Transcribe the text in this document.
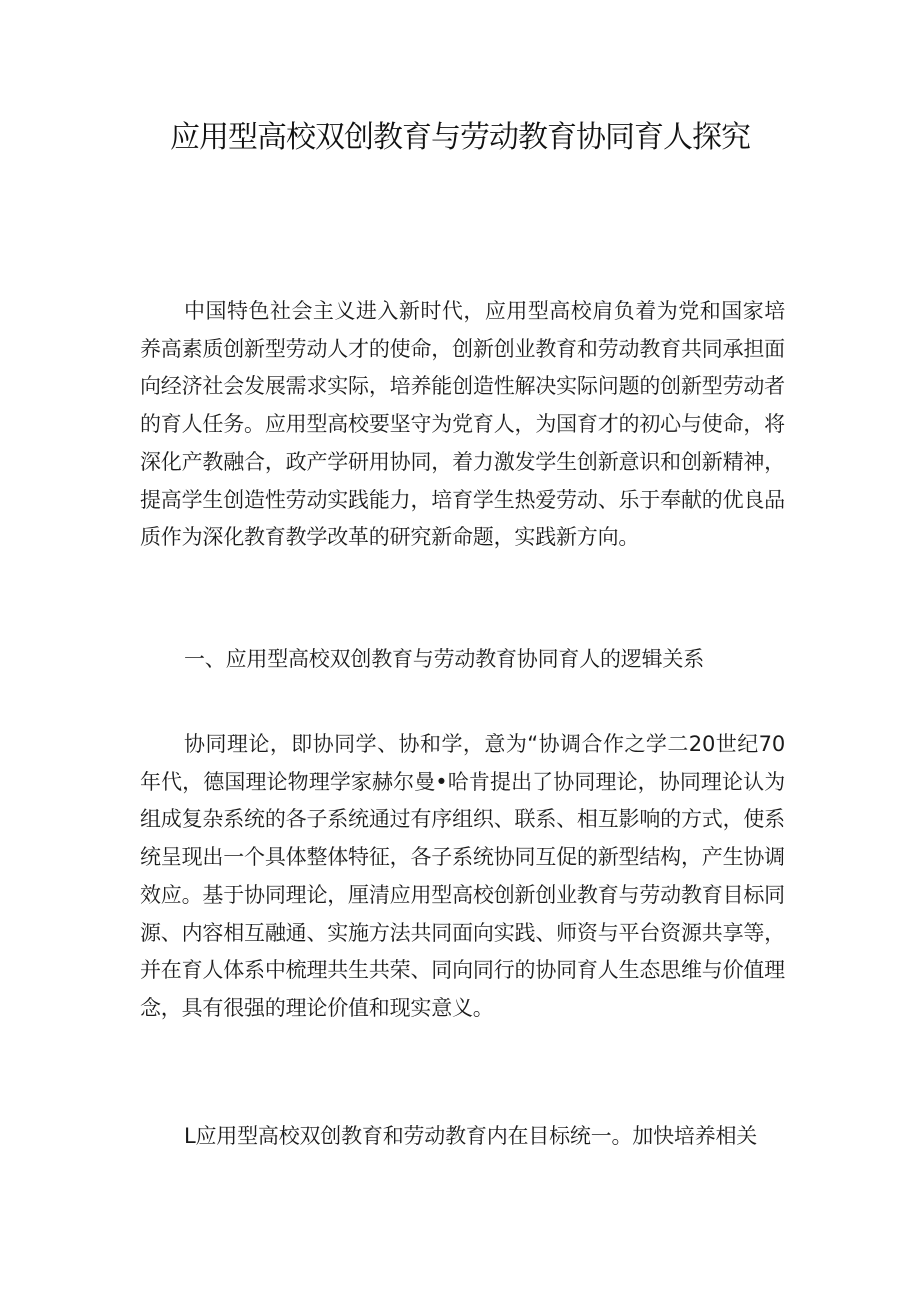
应用型高校双创教育与劳动教育协同育人探究

中国特色社会主义进入新时代，应用型高校肩负着为党和国家培养高素质创新型劳动人才的使命，创新创业教育和劳动教育共同承担面向经济社会发展需求实际，培养能创造性解决实际问题的创新型劳动者的育人任务。应用型高校要坚守为党育人，为国育才的初心与使命，将深化产教融合，政产学研用协同，着力激发学生创新意识和创新精神，提高学生创造性劳动实践能力，培育学生热爱劳动、乐于奉献的优良品质作为深化教育教学改革的研究新命题，实践新方向。

一、应用型高校双创教育与劳动教育协同育人的逻辑关系

协同理论，即协同学、协和学，意为“协调合作之学二20世纪70年代，德国理论物理学家赫尔曼•哈肯提出了协同理论，协同理论认为组成复杂系统的各子系统通过有序组织、联系、相互影响的方式，使系统呈现出一个具体整体特征，各子系统协同互促的新型结构，产生协调效应。基于协同理论，厘清应用型高校创新创业教育与劳动教育目标同源、内容相互融通、实施方法共同面向实践、师资与平台资源共享等，并在育人体系中梳理共生共荣、同向同行的协同育人生态思维与价值理念，具有很强的理论价值和现实意义。

L应用型高校双创教育和劳动教育内在目标统一。加快培养相关
